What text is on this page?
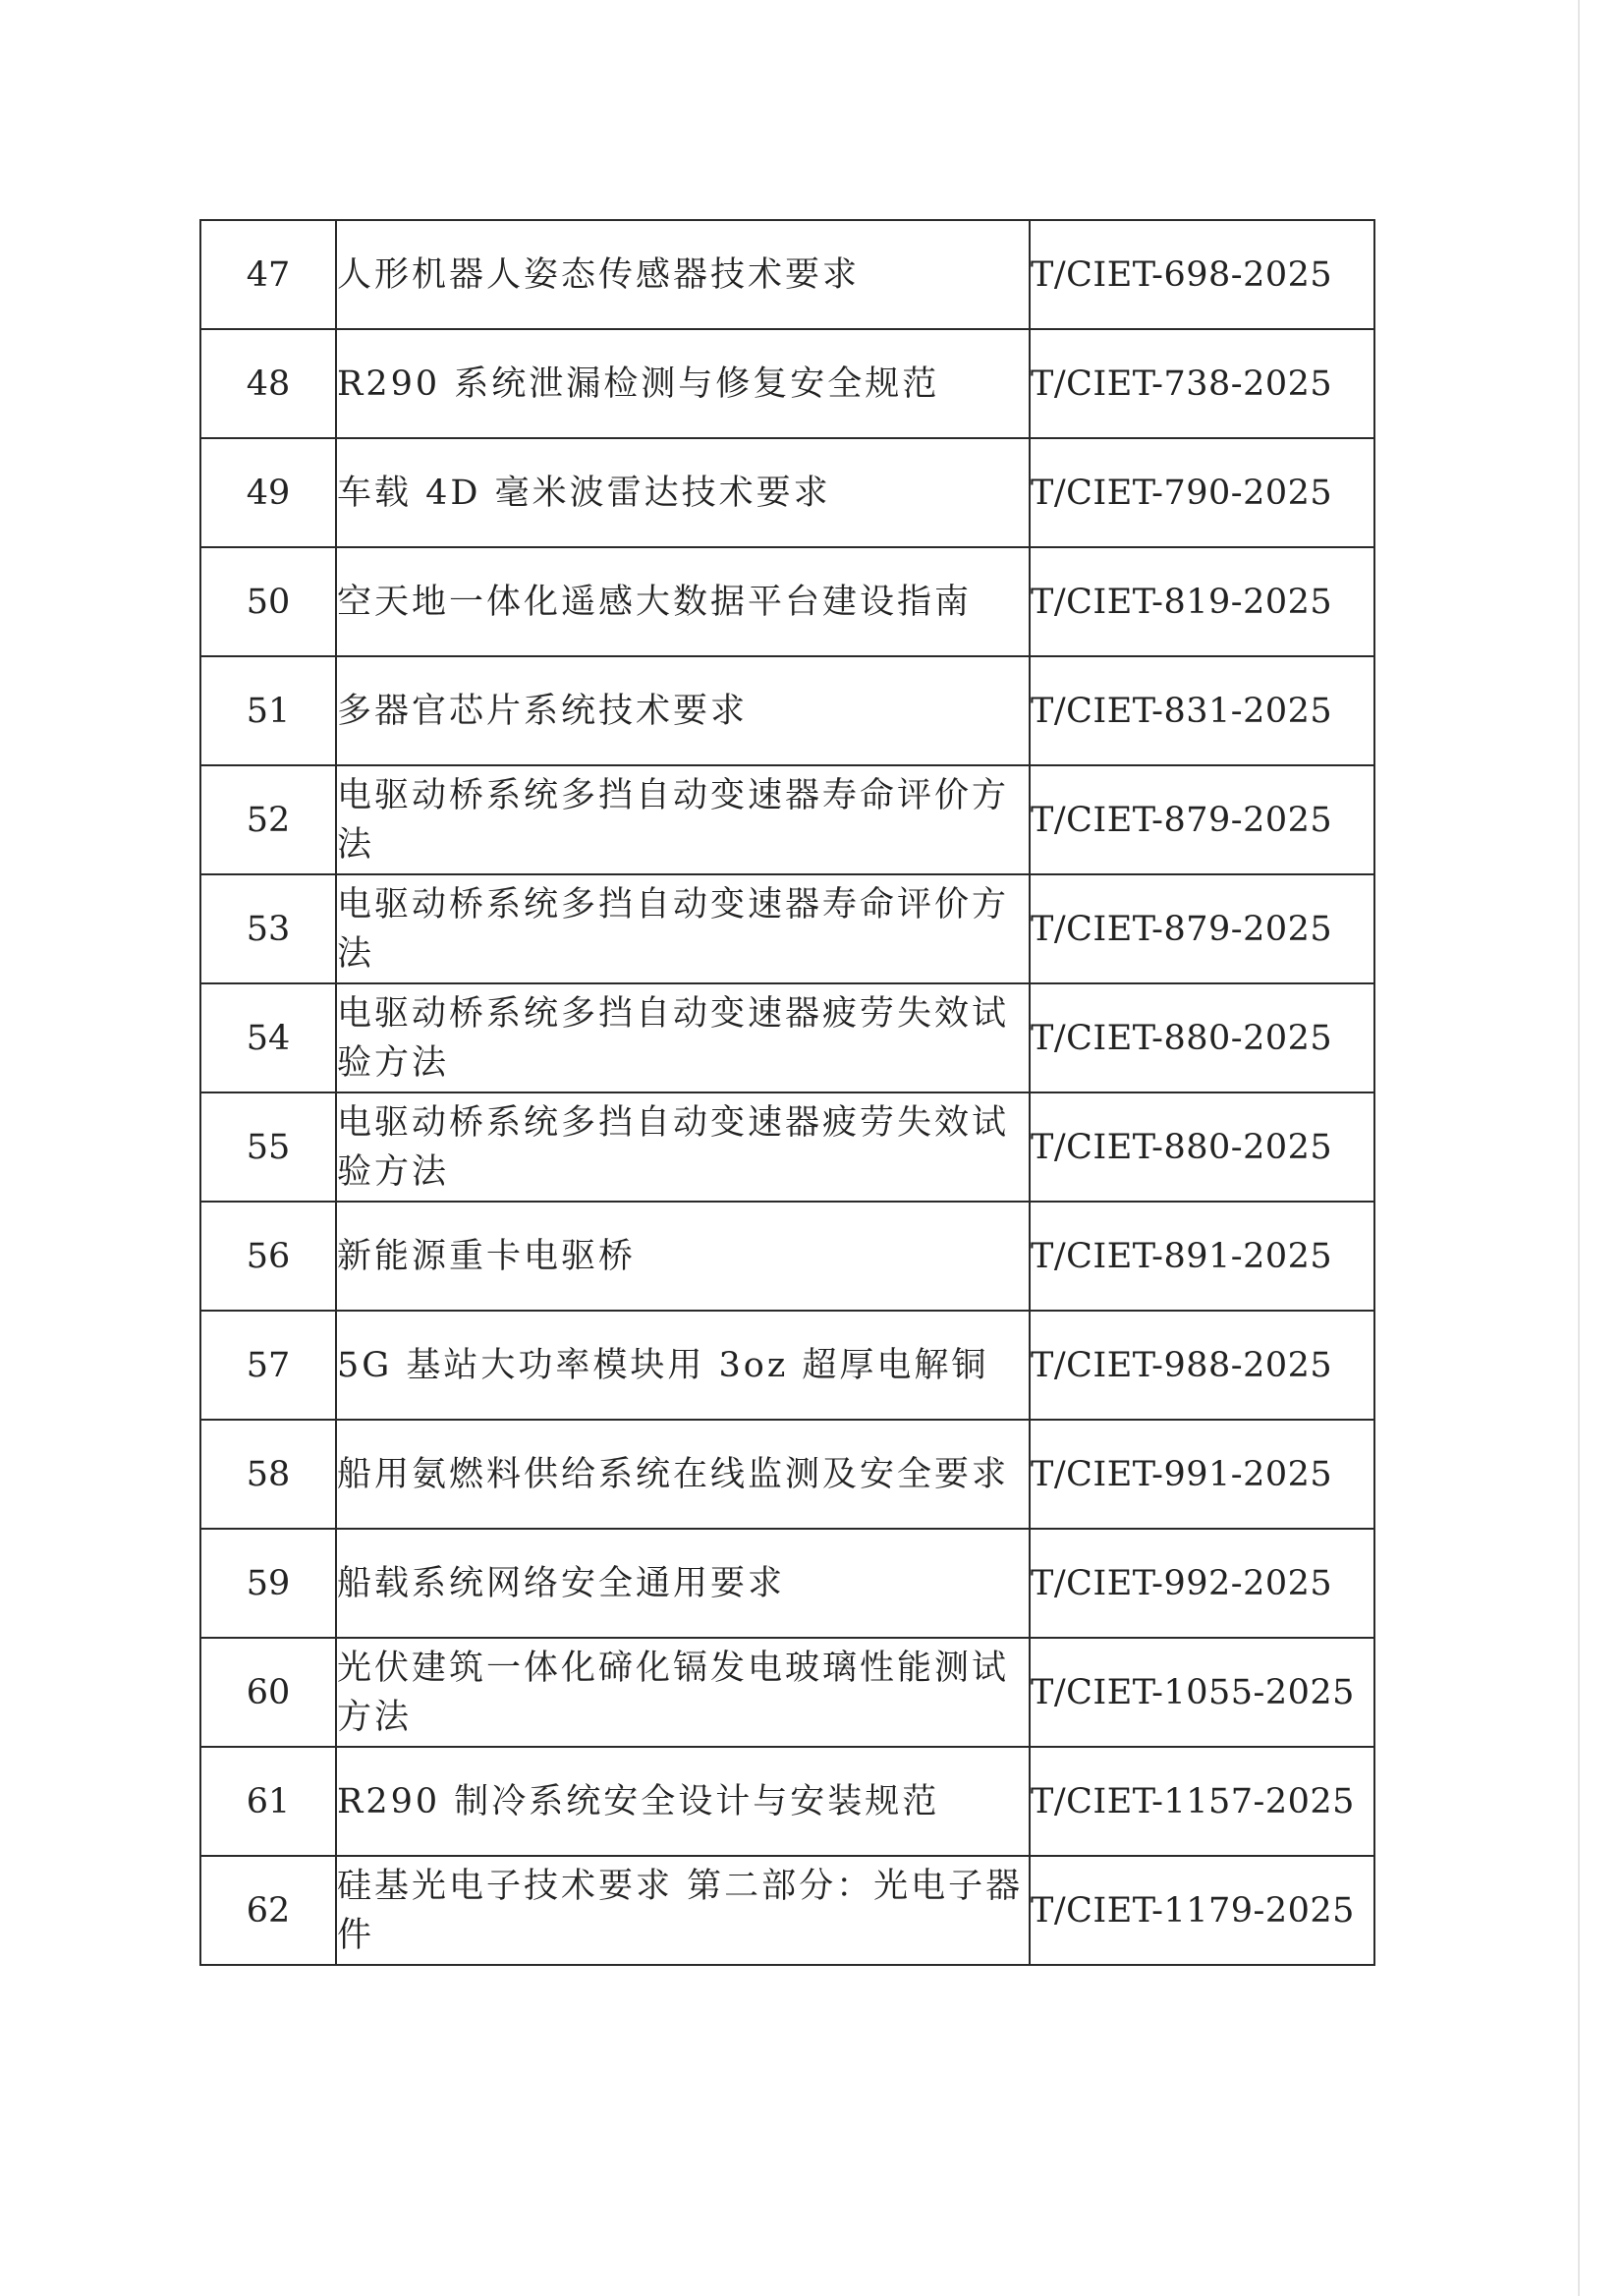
47	人形机器人姿态传感器技术要求	T/CIET-698-2025
48	R290 系统泄漏检测与修复安全规范	T/CIET-738-2025
49	车载 4D 毫米波雷达技术要求	T/CIET-790-2025
50	空天地一体化遥感大数据平台建设指南	T/CIET-819-2025
51	多器官芯片系统技术要求	T/CIET-831-2025
52	电驱动桥系统多挡自动变速器寿命评价方法	T/CIET-879-2025
53	电驱动桥系统多挡自动变速器寿命评价方法	T/CIET-879-2025
54	电驱动桥系统多挡自动变速器疲劳失效试验方法	T/CIET-880-2025
55	电驱动桥系统多挡自动变速器疲劳失效试验方法	T/CIET-880-2025
56	新能源重卡电驱桥	T/CIET-891-2025
57	5G 基站大功率模块用 3oz 超厚电解铜	T/CIET-988-2025
58	船用氨燃料供给系统在线监测及安全要求	T/CIET-991-2025
59	船载系统网络安全通用要求	T/CIET-992-2025
60	光伏建筑一体化碲化镉发电玻璃性能测试方法	T/CIET-1055-2025
61	R290 制冷系统安全设计与安装规范	T/CIET-1157-2025
62	硅基光电子技术要求 第二部分：光电子器件	T/CIET-1179-2025
